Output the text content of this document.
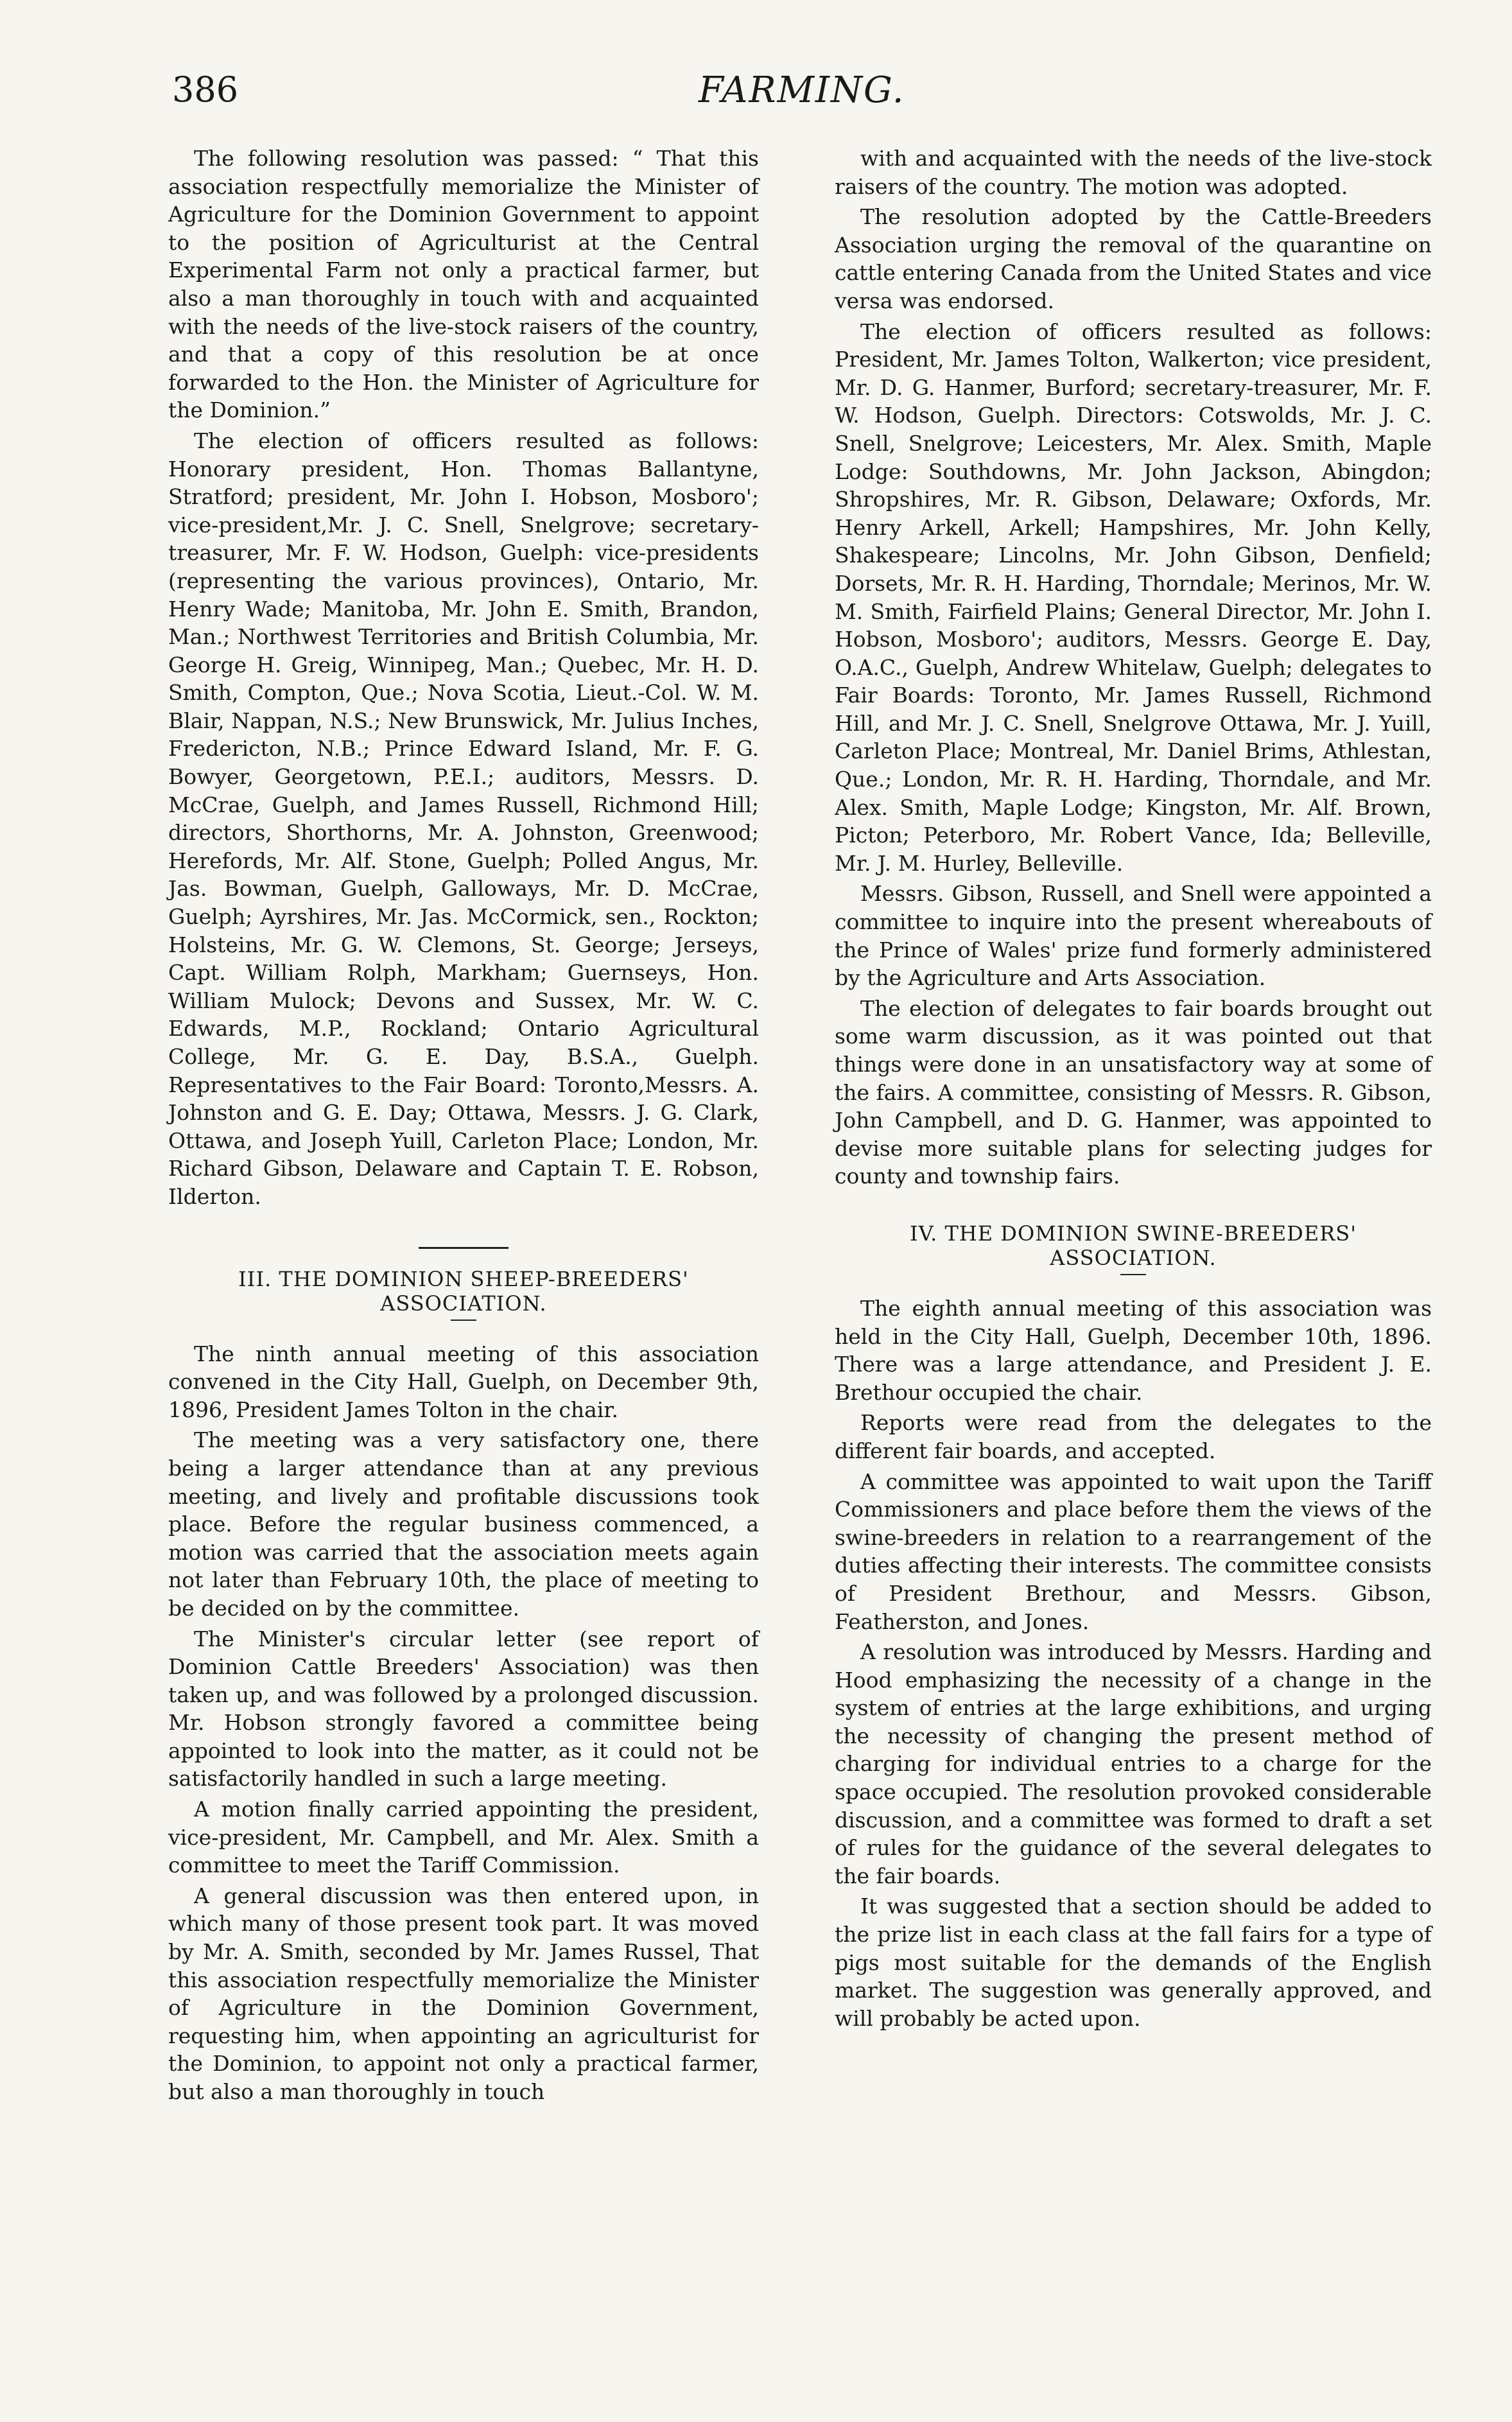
386	FARMING.

The following resolution was passed: “ That this association respectfully memorialize the Minister of Agriculture for the Dominion Government to appoint to the position of Agriculturist at the Central Experimental Farm not only a practical farmer, but also a man thoroughly in touch with and acquainted with the needs of the live-stock raisers of the country, and that a copy of this resolution be at once forwarded to the Hon. the Minister of Agriculture for the Dominion.”

The election of officers resulted as follows: Honorary president, Hon. Thomas Ballantyne, Stratford; president, Mr. John I. Hobson, Mosboro'; vice-president,Mr. J. C. Snell, Snelgrove; secretary-treasurer, Mr. F. W. Hodson, Guelph: vice-presidents (representing the various provinces), Ontario, Mr. Henry Wade; Manitoba, Mr. John E. Smith, Brandon, Man.; Northwest Territories and British Columbia, Mr. George H. Greig, Winnipeg, Man.; Quebec, Mr. H. D. Smith, Compton, Que.; Nova Scotia, Lieut.-Col. W. M. Blair, Nappan, N.S.; New Brunswick, Mr. Julius Inches, Fredericton, N.B.; Prince Edward Island, Mr. F. G. Bowyer, Georgetown, P.E.I.; auditors, Messrs. D. McCrae, Guelph, and James Russell, Richmond Hill; directors, Shorthorns, Mr. A. Johnston, Greenwood; Herefords, Mr. Alf. Stone, Guelph; Polled Angus, Mr. Jas. Bowman, Guelph, Galloways, Mr. D. McCrae, Guelph; Ayrshires, Mr. Jas. McCormick, sen., Rockton; Holsteins, Mr. G. W. Clemons, St. George; Jerseys, Capt. William Rolph, Markham; Guernseys, Hon. William Mulock; Devons and Sussex, Mr. W. C. Edwards, M.P., Rockland; Ontario Agricultural College, Mr. G. E. Day, B.S.A., Guelph. Representatives to the Fair Board: Toronto,Messrs. A. Johnston and G. E. Day; Ottawa, Messrs. J. G. Clark, Ottawa, and Joseph Yuill, Carleton Place; London, Mr. Richard Gibson, Delaware and Captain T. E. Robson, Ilderton.

III. THE DOMINION SHEEP-BREEDERS'
ASSOCIATION.

The ninth annual meeting of this association convened in the City Hall, Guelph, on December 9th, 1896, President James Tolton in the chair.

The meeting was a very satisfactory one, there being a larger attendance than at any previous meeting, and lively and profitable discussions took place. Before the regular business commenced, a motion was carried that the association meets again not later than February 10th, the place of meeting to be decided on by the committee.

The Minister's circular letter (see report of Dominion Cattle Breeders' Association) was then taken up, and was followed by a prolonged discussion. Mr. Hobson strongly favored a committee being appointed to look into the matter, as it could not be satisfactorily handled in such a large meeting.

A motion finally carried appointing the president, vice-president, Mr. Campbell, and Mr. Alex. Smith a committee to meet the Tariff Commission.

A general discussion was then entered upon, in which many of those present took part. It was moved by Mr. A. Smith, seconded by Mr. James Russel, That this association respectfully memorialize the Minister of Agriculture in the Dominion Government, requesting him, when appointing an agriculturist for the Dominion, to appoint not only a practical farmer, but also a man thoroughly in touch

with and acquainted with the needs of the live-stock raisers of the country. The motion was adopted.

The resolution adopted by the Cattle-Breeders Association urging the removal of the quarantine on cattle entering Canada from the United States and vice versa was endorsed.

The election of officers resulted as follows: President, Mr. James Tolton, Walkerton; vice president, Mr. D. G. Hanmer, Burford; secretary-treasurer, Mr. F. W. Hodson, Guelph. Directors: Cotswolds, Mr. J. C. Snell, Snelgrove; Leicesters, Mr. Alex. Smith, Maple Lodge: Southdowns, Mr. John Jackson, Abingdon; Shropshires, Mr. R. Gibson, Delaware; Oxfords, Mr. Henry Arkell, Arkell; Hampshires, Mr. John Kelly, Shakespeare; Lincolns, Mr. John Gibson, Denfield; Dorsets, Mr. R. H. Harding, Thorndale; Merinos, Mr. W. M. Smith, Fairfield Plains; General Director, Mr. John I. Hobson, Mosboro'; auditors, Messrs. George E. Day, O.A.C., Guelph, Andrew Whitelaw, Guelph; delegates to Fair Boards: Toronto, Mr. James Russell, Richmond Hill, and Mr. J. C. Snell, Snelgrove Ottawa, Mr. J. Yuill, Carleton Place; Montreal, Mr. Daniel Brims, Athlestan, Que.; London, Mr. R. H. Harding, Thorndale, and Mr. Alex. Smith, Maple Lodge; Kingston, Mr. Alf. Brown, Picton; Peterboro, Mr. Robert Vance, Ida; Belleville, Mr. J. M. Hurley, Belleville.

Messrs. Gibson, Russell, and Snell were appointed a committee to inquire into the present whereabouts of the Prince of Wales' prize fund formerly administered by the Agriculture and Arts Association.

The election of delegates to fair boards brought out some warm discussion, as it was pointed out that things were done in an unsatisfactory way at some of the fairs. A committee, consisting of Messrs. R. Gibson, John Campbell, and D. G. Hanmer, was appointed to devise more suitable plans for selecting judges for county and township fairs.

IV. THE DOMINION SWINE-BREEDERS'
ASSOCIATION.

The eighth annual meeting of this association was held in the City Hall, Guelph, December 10th, 1896. There was a large attendance, and President J. E. Brethour occupied the chair.

Reports were read from the delegates to the different fair boards, and accepted.

A committee was appointed to wait upon the Tariff Commissioners and place before them the views of the swine-breeders in relation to a rearrangement of the duties affecting their interests. The committee consists of President Brethour, and Messrs. Gibson, Featherston, and Jones.

A resolution was introduced by Messrs. Harding and Hood emphasizing the necessity of a change in the system of entries at the large exhibitions, and urging the necessity of changing the present method of charging for individual entries to a charge for the space occupied. The resolution provoked considerable discussion, and a committee was formed to draft a set of rules for the guidance of the several delegates to the fair boards.

It was suggested that a section should be added to the prize list in each class at the fall fairs for a type of pigs most suitable for the demands of the English market. The suggestion was generally approved, and will probably be acted upon.
